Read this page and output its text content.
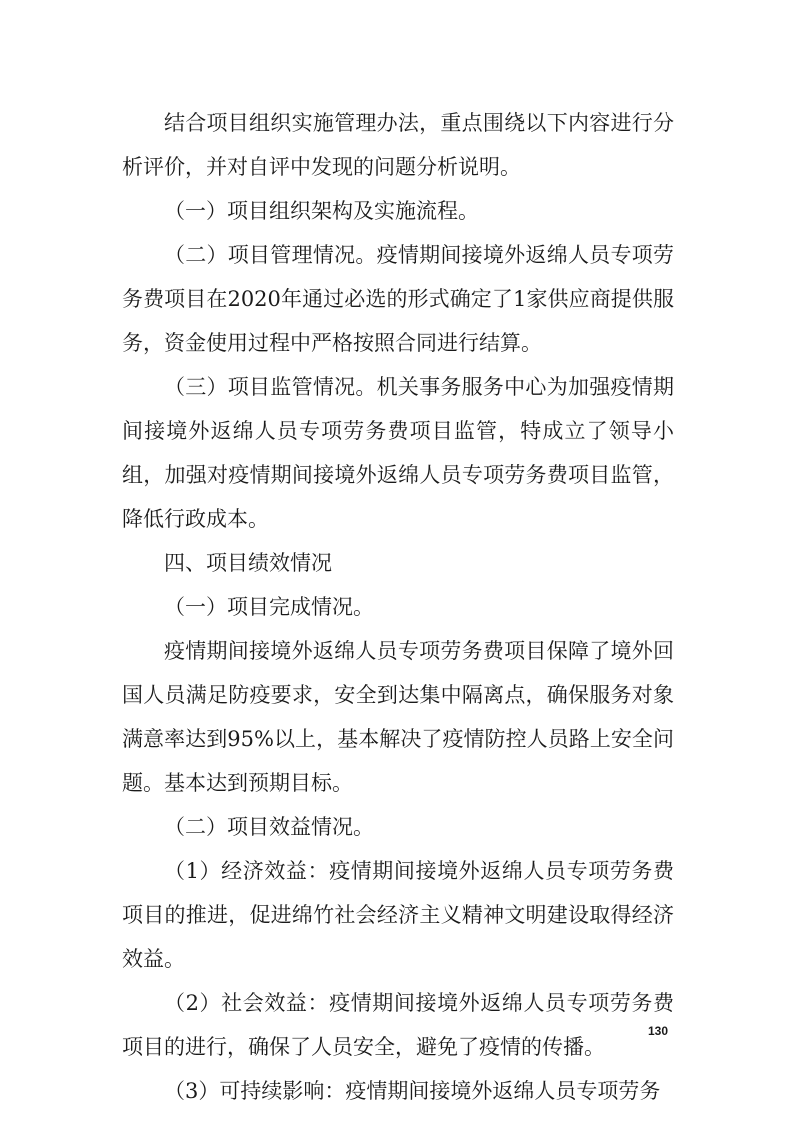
结合项目组织实施管理办法，重点围绕以下内容进行分析评价，并对自评中发现的问题分析说明。

（一）项目组织架构及实施流程。

（二）项目管理情况。疫情期间接境外返绵人员专项劳务费项目在2020年通过必选的形式确定了1家供应商提供服务，资金使用过程中严格按照合同进行结算。

（三）项目监管情况。机关事务服务中心为加强疫情期间接境外返绵人员专项劳务费项目监管，特成立了领导小组，加强对疫情期间接境外返绵人员专项劳务费项目监管，降低行政成本。

四、项目绩效情况

（一）项目完成情况。

疫情期间接境外返绵人员专项劳务费项目保障了境外回国人员满足防疫要求，安全到达集中隔离点，确保服务对象满意率达到95%以上，基本解决了疫情防控人员路上安全问题。基本达到预期目标。

（二）项目效益情况。

（1）经济效益：疫情期间接境外返绵人员专项劳务费项目的推进，促进绵竹社会经济主义精神文明建设取得经济效益。

（2）社会效益：疫情期间接境外返绵人员专项劳务费项目的进行，确保了人员安全，避免了疫情的传播。

（3）可持续影响：疫情期间接境外返绵人员专项劳务

130
